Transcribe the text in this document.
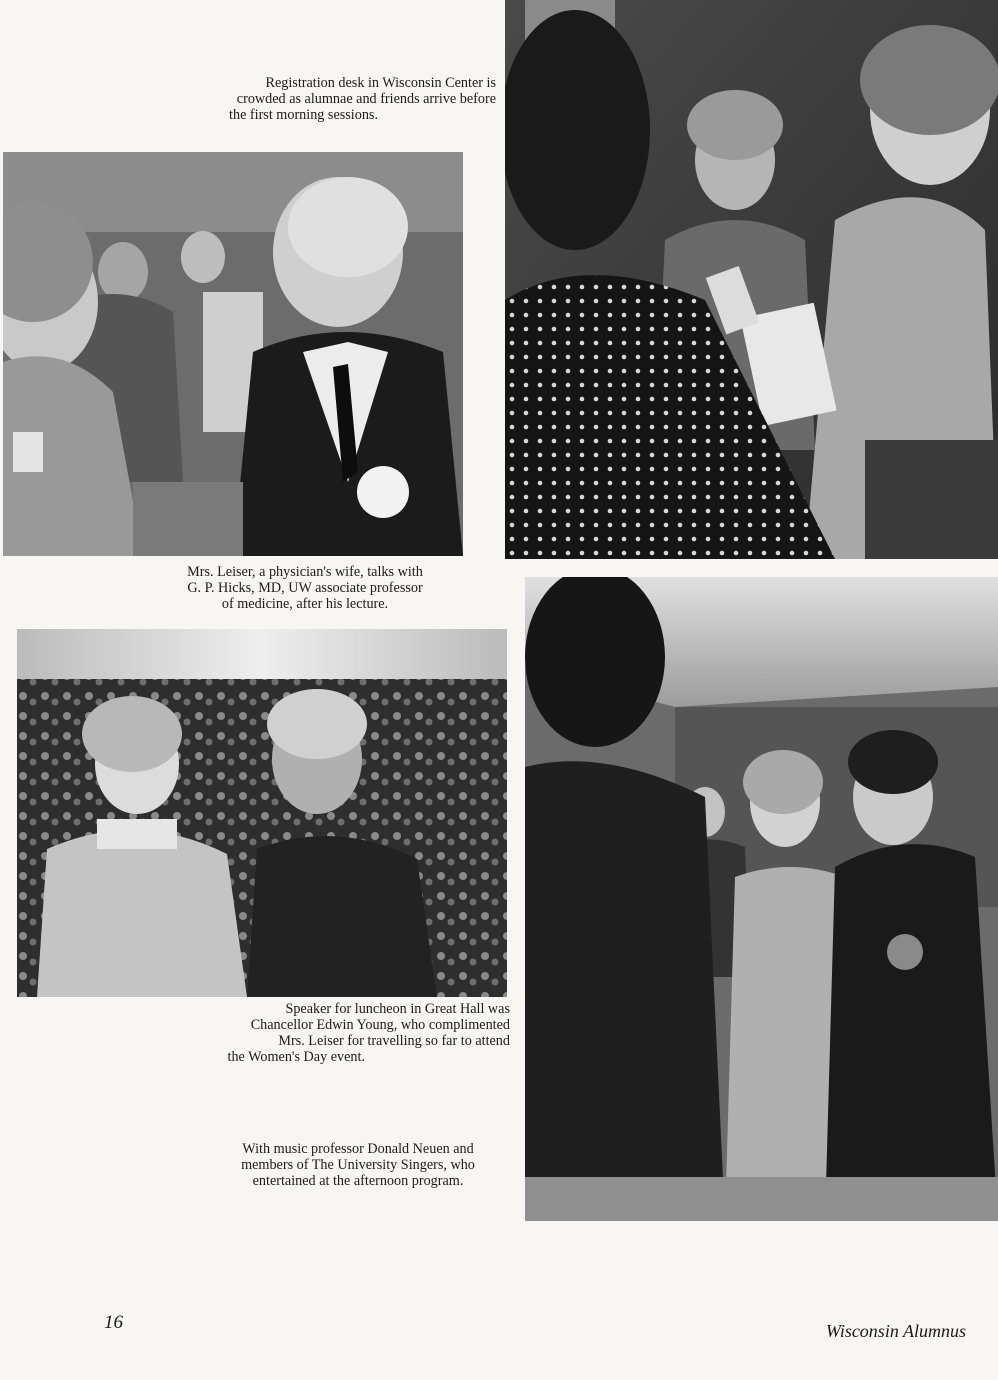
Registration desk in Wisconsin Center is
crowded as alumnae and friends arrive before
the first morning sessions.
Mrs. Leiser, a physician's wife, talks with
G. P. Hicks, MD, UW associate professor
of medicine, after his lecture.
Speaker for luncheon in Great Hall was
Chancellor Edwin Young, who complimented
Mrs. Leiser for travelling so far to attend
the Women's Day event.
With music professor Donald Neuen and
members of The University Singers, who
entertained at the afternoon program.
16	Wisconsin Alumnus
